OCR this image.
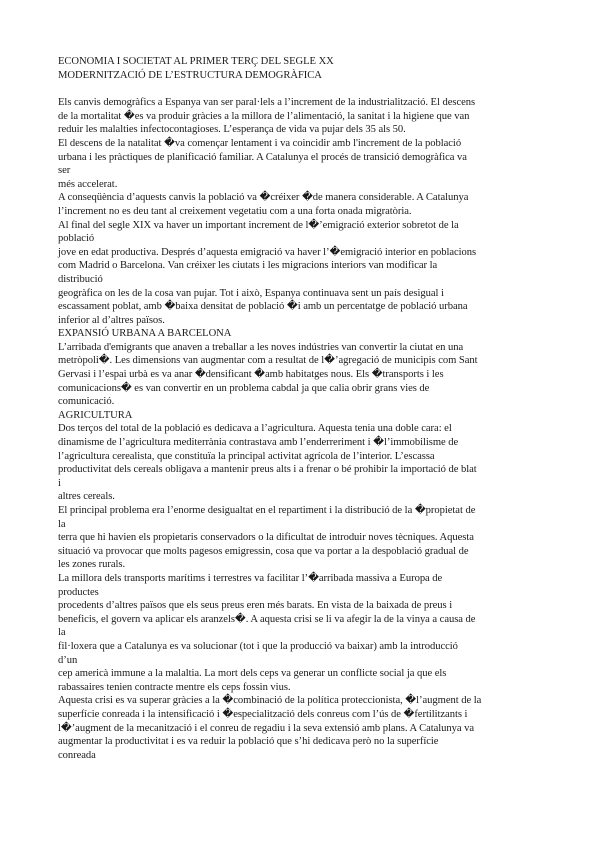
ECONOMIA I SOCIETAT AL PRIMER TERÇ DEL SEGLE XX
MODERNITZACIÓ DE L’ESTRUCTURA DEMOGRÀFICA
Els canvis demogràfics a Espanya van ser paral·lels a l’increment de la industrialització. El descens
de la mortalitat �es va produir gràcies a la millora de l’alimentació, la sanitat i la higiene que van
reduir les malalties infectocontagioses. L’esperança de vida va pujar dels 35 als 50.
El descens de la natalitat �va començar lentament i va coincidir amb l'increment de la població
urbana i les pràctiques de planificació familiar. A Catalunya el procés de transició demogràfica va
ser
més accelerat.
A conseqüència d’aquests canvis la població va �créixer �de manera considerable. A Catalunya
l’increment no es deu tant al creixement vegetatiu com a una forta onada migratòria.
Al final del segle XIX va haver un important increment de l�’emigració exterior sobretot de la
població
jove en edat productiva. Després d’aquesta emigració va haver l’�emigració interior en poblacions
com Madrid o Barcelona. Van créixer les ciutats i les migracions interiors van modificar la
distribució
geogràfica on les de la cosa van pujar. Tot i això, Espanya continuava sent un país desigual i
escassament poblat, amb �baixa densitat de població �i amb un percentatge de població urbana
inferior al d’altres països.
EXPANSIÓ URBANA A BARCELONA
L’arribada d'emigrants que anaven a treballar a les noves indústries van convertir la ciutat en una
metròpoli�. Les dimensions van augmentar com a resultat de l�’agregació de municipis com Sant
Gervasi i l’espai urbà es va anar �densificant �amb habitatges nous. Els �transports i les
comunicacions� es van convertir en un problema cabdal ja que calia obrir grans vies de
comunicació.
AGRICULTURA
Dos terços del total de la població es dedicava a l’agricultura. Aquesta tenia una doble cara: el
dinamisme de l’agricultura mediterrània contrastava amb l’enderreriment i �l’immobilisme de
l’agricultura cerealista, que constituïa la principal activitat agrícola de l’interior. L’escassa
productivitat dels cereals obligava a mantenir preus alts i a frenar o bé prohibir la importació de blat
i
altres cereals.
El principal problema era l’enorme desigualtat en el repartiment i la distribució de la �propietat de
la
terra que hi havien els propietaris conservadors o la dificultat de introduir noves tècniques. Aquesta
situació va provocar que molts pagesos emigressin, cosa que va portar a la despoblació gradual de
les zones rurals.
La millora dels transports marítims i terrestres va facilitar l’�arribada massiva a Europa de
productes
procedents d’altres països que els seus preus eren més barats. En vista de la baixada de preus i
beneficis, el govern va aplicar els aranzels�. A aquesta crisi se li va afegir la de la vinya a causa de
la
fil·loxera que a Catalunya es va solucionar (tot i que la producció va baixar) amb la introducció
d’un
cep americà immune a la malaltia. La mort dels ceps va generar un conflicte social ja que els
rabassaires tenien contracte mentre els ceps fossin vius.
Aquesta crisi es va superar gràcies a la �combinació de la política proteccionista, �l’augment de la
superfície conreada i la intensificació i �especialització dels conreus com l’ús de �fertilitzants i
l�’augment de la mecanització i el conreu de regadiu i la seva extensió amb plans. A Catalunya va
augmentar la productivitat i es va reduir la població que s’hi dedicava però no la superfície
conreada
